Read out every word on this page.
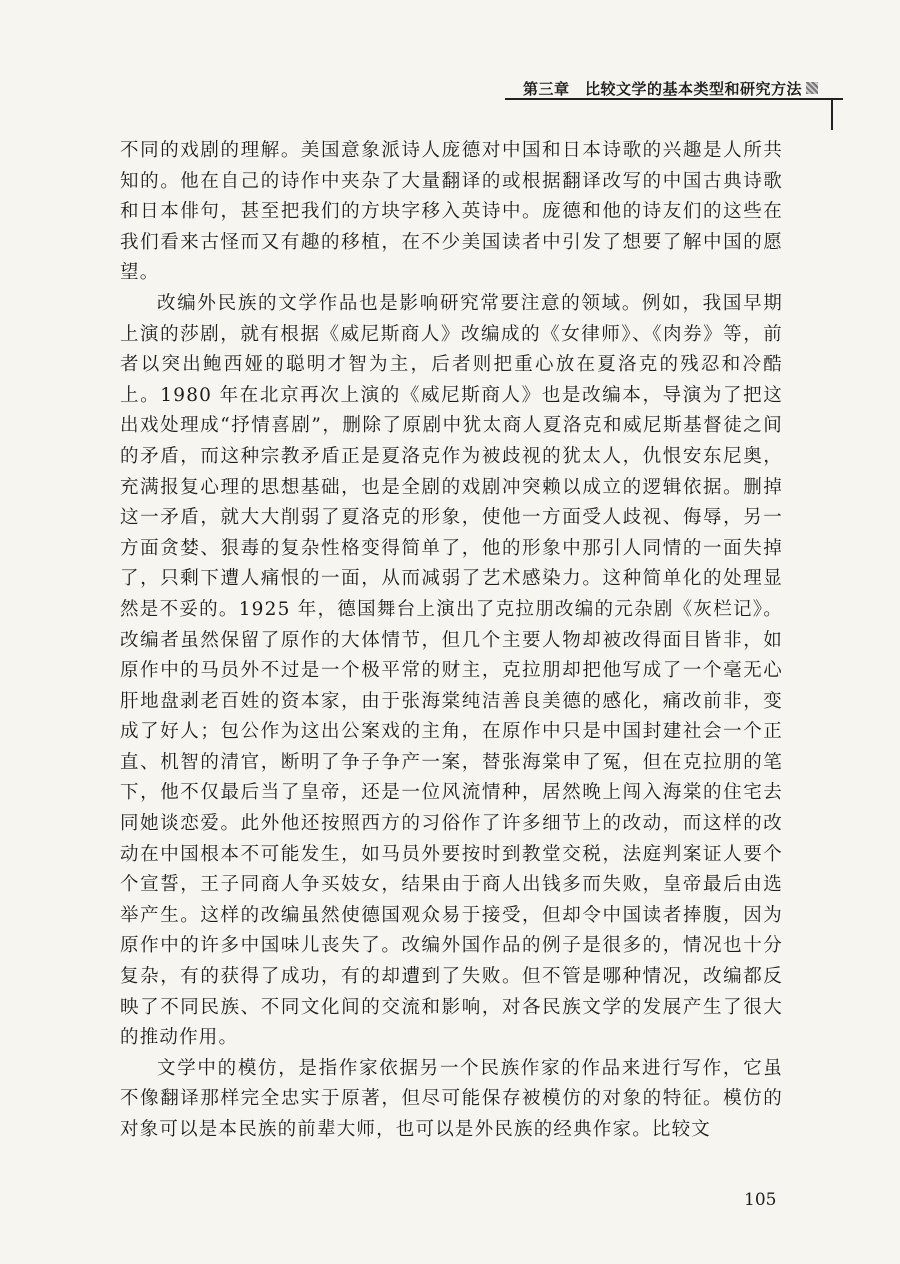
第三章　比较文学的基本类型和研究方法

不同的戏剧的理解。美国意象派诗人庞德对中国和日本诗歌的兴趣是人所共知的。他在自己的诗作中夹杂了大量翻译的或根据翻译改写的中国古典诗歌和日本俳句，甚至把我们的方块字移入英诗中。庞德和他的诗友们的这些在我们看来古怪而又有趣的移植，在不少美国读者中引发了想要了解中国的愿望。

改编外民族的文学作品也是影响研究常要注意的领域。例如，我国早期上演的莎剧，就有根据《威尼斯商人》改编成的《女律师》、《肉券》等，前者以突出鲍西娅的聪明才智为主，后者则把重心放在夏洛克的残忍和冷酷上。1980 年在北京再次上演的《威尼斯商人》也是改编本，导演为了把这出戏处理成“抒情喜剧”，删除了原剧中犹太商人夏洛克和威尼斯基督徒之间的矛盾，而这种宗教矛盾正是夏洛克作为被歧视的犹太人，仇恨安东尼奥，充满报复心理的思想基础，也是全剧的戏剧冲突赖以成立的逻辑依据。删掉这一矛盾，就大大削弱了夏洛克的形象，使他一方面受人歧视、侮辱，另一方面贪婪、狠毒的复杂性格变得简单了，他的形象中那引人同情的一面失掉了，只剩下遭人痛恨的一面，从而减弱了艺术感染力。这种简单化的处理显然是不妥的。1925 年，德国舞台上演出了克拉朋改编的元杂剧《灰栏记》。改编者虽然保留了原作的大体情节，但几个主要人物却被改得面目皆非，如原作中的马员外不过是一个极平常的财主，克拉朋却把他写成了一个毫无心肝地盘剥老百姓的资本家，由于张海棠纯洁善良美德的感化，痛改前非，变成了好人；包公作为这出公案戏的主角，在原作中只是中国封建社会一个正直、机智的清官，断明了争子争产一案，替张海棠申了冤，但在克拉朋的笔下，他不仅最后当了皇帝，还是一位风流情种，居然晚上闯入海棠的住宅去同她谈恋爱。此外他还按照西方的习俗作了许多细节上的改动，而这样的改动在中国根本不可能发生，如马员外要按时到教堂交税，法庭判案证人要个个宣誓，王子同商人争买妓女，结果由于商人出钱多而失败，皇帝最后由选举产生。这样的改编虽然使德国观众易于接受，但却令中国读者捧腹，因为原作中的许多中国味儿丧失了。改编外国作品的例子是很多的，情况也十分复杂，有的获得了成功，有的却遭到了失败。但不管是哪种情况，改编都反映了不同民族、不同文化间的交流和影响，对各民族文学的发展产生了很大的推动作用。

文学中的模仿，是指作家依据另一个民族作家的作品来进行写作，它虽不像翻译那样完全忠实于原著，但尽可能保存被模仿的对象的特征。模仿的对象可以是本民族的前辈大师，也可以是外民族的经典作家。比较文

105
